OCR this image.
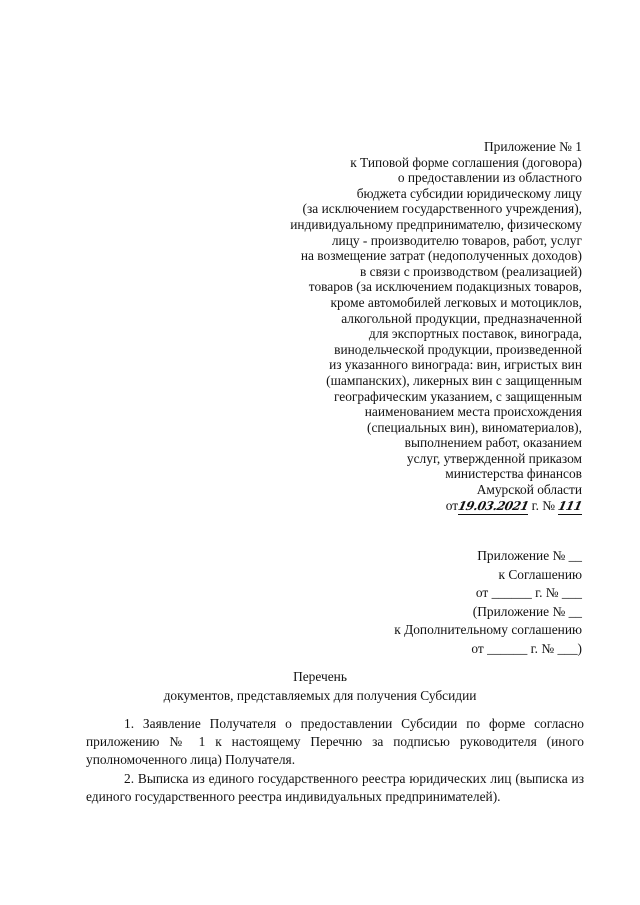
Приложение № 1
к Типовой форме соглашения (договора)
о предоставлении из областного
бюджета субсидии юридическому лицу
(за исключением государственного учреждения),
индивидуальному предпринимателю, физическому
лицу - производителю товаров, работ, услуг
на возмещение затрат (недополученных доходов)
в связи с производством (реализацией)
товаров (за исключением подакцизных товаров,
кроме автомобилей легковых и мотоциклов,
алкогольной продукции, предназначенной
для экспортных поставок, винограда,
винодельческой продукции, произведенной
из указанного винограда: вин, игристых вин
(шампанских), ликерных вин с защищенным
географическим указанием, с защищенным
наименованием места происхождения
(специальных вин), виноматериалов),
выполнением работ, оказанием
услуг, утвержденной приказом
министерства финансов
Амурской области
от19.03.2021 г. № 111
Приложение № __
к Соглашению
от ______ г. № ___
(Приложение № __
к Дополнительному соглашению
от ______ г. № ___)
Перечень
документов, представляемых для получения Субсидии

1. Заявление Получателя о предоставлении Субсидии по форме согласно приложению № 1 к настоящему Перечню за подписью руководителя (иного уполномоченного лица) Получателя.

2. Выписка из единого государственного реестра юридических лиц (выписка из единого государственного реестра индивидуальных предпринимателей).
